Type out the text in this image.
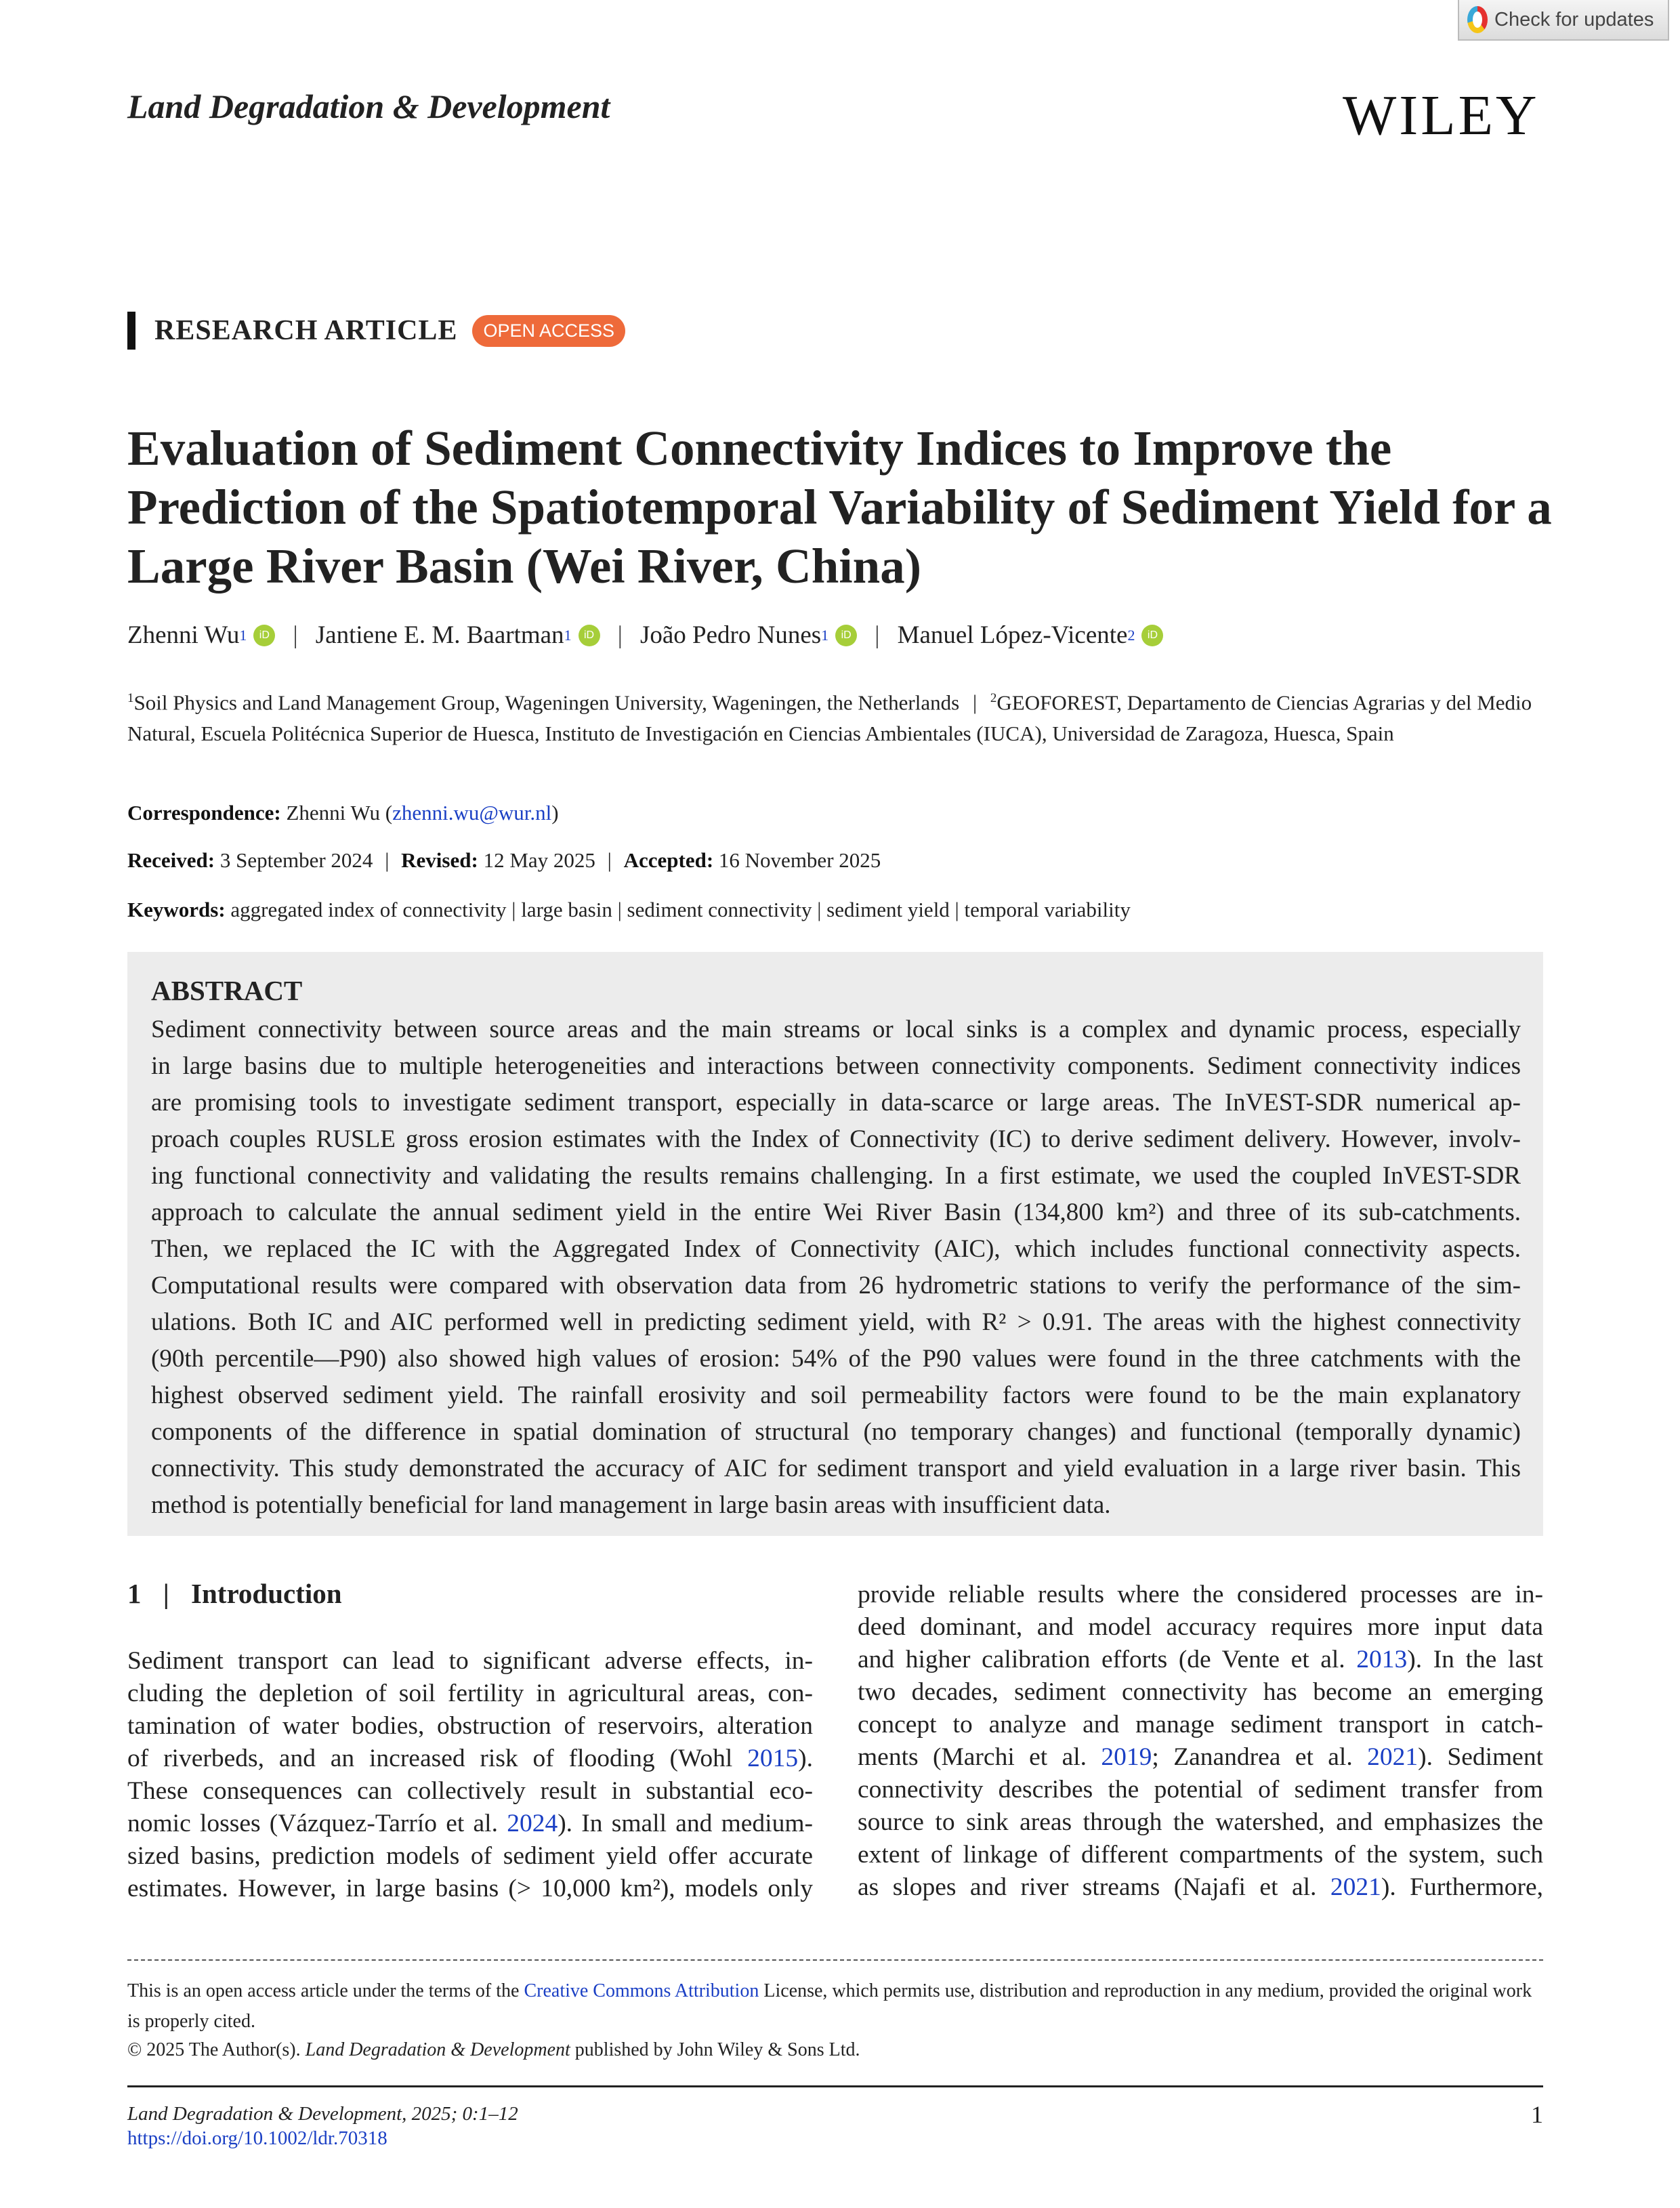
Check for updates
Land Degradation & Development	WILEY
RESEARCH ARTICLE	OPEN ACCESS
Evaluation of Sediment Connectivity Indices to Improve the Prediction of the Spatiotemporal Variability of Sediment Yield for a Large River Basin (Wei River, China)
Zhenni Wu 1	iD | Jantiene E. M. Baartman 1	iD | João Pedro Nunes 1	iD | Manuel López-Vicente 2	iD
$^1$Soil Physics and Land Management Group, Wageningen University, Wageningen, the Netherlands | $^2$GEOFOREST, Departamento de Ciencias Agrarias y del Medio Natural, Escuela Politécnica Superior de Huesca, Instituto de Investigación en Ciencias Ambientales (IUCA), Universidad de Zaragoza, Huesca, Spain
Correspondence: Zhenni Wu (zhenni.wu@wur.nl)
Received: 3 September 2024 | Revised: 12 May 2025 | Accepted: 16 November 2025
Keywords: aggregated index of connectivity | large basin | sediment connectivity | sediment yield | temporal variability
ABSTRACT
Sediment connectivity between source areas and the main streams or local sinks is a complex and dynamic process, especially
in large basins due to multiple heterogeneities and interactions between connectivity components. Sediment connectivity indices
are promising tools to investigate sediment transport, especially in data-scarce or large areas. The InVEST-SDR numerical ap-
proach couples RUSLE gross erosion estimates with the Index of Connectivity (IC) to derive sediment delivery. However, involv-
ing functional connectivity and validating the results remains challenging. In a first estimate, we used the coupled InVEST-SDR
approach to calculate the annual sediment yield in the entire Wei River Basin (134,800 km²) and three of its sub-catchments.
Then, we replaced the IC with the Aggregated Index of Connectivity (AIC), which includes functional connectivity aspects.
Computational results were compared with observation data from 26 hydrometric stations to verify the performance of the sim-
ulations. Both IC and AIC performed well in predicting sediment yield, with R² > 0.91. The areas with the highest connectivity
(90th percentile—P90) also showed high values of erosion: 54% of the P90 values were found in the three catchments with the
highest observed sediment yield. The rainfall erosivity and soil permeability factors were found to be the main explanatory
components of the difference in spatial domination of structural (no temporary changes) and functional (temporally dynamic)
connectivity. This study demonstrated the accuracy of AIC for sediment transport and yield evaluation in a large river basin. This
method is potentially beneficial for land management in large basin areas with insufficient data.
1 | Introduction
Sediment transport can lead to significant adverse effects, in-
cluding the depletion of soil fertility in agricultural areas, con-
tamination of water bodies, obstruction of reservoirs, alteration
of riverbeds, and an increased risk of flooding (Wohl 2015).
These consequences can collectively result in substantial eco-
nomic losses (Vázquez-Tarrío et al. 2024). In small and medium-
sized basins, prediction models of sediment yield offer accurate
estimates. However, in large basins (> 10,000 km²), models only
provide reliable results where the considered processes are in-
deed dominant, and model accuracy requires more input data
and higher calibration efforts (de Vente et al. 2013). In the last
two decades, sediment connectivity has become an emerging
concept to analyze and manage sediment transport in catch-
ments (Marchi et al. 2019; Zanandrea et al. 2021). Sediment
connectivity describes the potential of sediment transfer from
source to sink areas through the watershed, and emphasizes the
extent of linkage of different compartments of the system, such
as slopes and river streams (Najafi et al. 2021). Furthermore,
This is an open access article under the terms of the Creative Commons Attribution License, which permits use, distribution and reproduction in any medium, provided the original work is properly cited.
© 2025 The Author(s). Land Degradation & Development published by John Wiley & Sons Ltd.
Land Degradation & Development, 2025; 0:1–12
https://doi.org/10.1002/ldr.70318
1
